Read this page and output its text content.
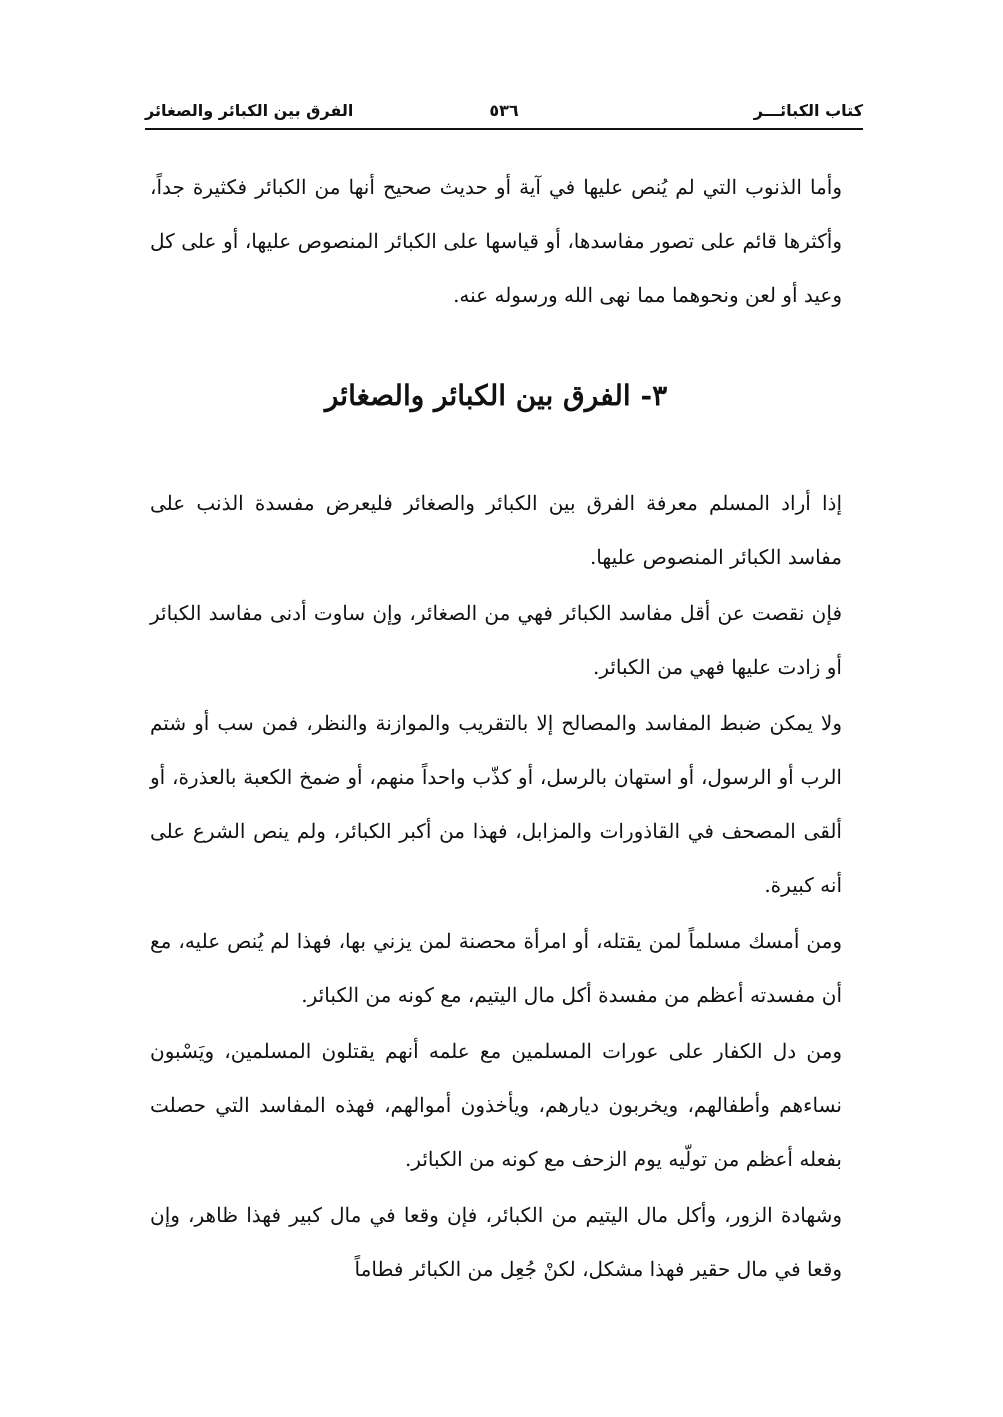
كتاب الكبائـــر
٥٣٦
الفرق بين الكبائر والصغائر

وأما الذنوب التي لم يُنص عليها في آية أو حديث صحيح أنها من الكبائر فكثيرة جداً، وأكثرها قائم على تصور مفاسدها، أو قياسها على الكبائر المنصوص عليها، أو على كل وعيد أو لعن ونحوهما مما نهى الله ورسوله عنه.

٣- الفرق بين الكبائر والصغائر

إذا أراد المسلم معرفة الفرق بين الكبائر والصغائر فليعرض مفسدة الذنب على مفاسد الكبائر المنصوص عليها.

فإن نقصت عن أقل مفاسد الكبائر فهي من الصغائر، وإن ساوت أدنى مفاسد الكبائر أو زادت عليها فهي من الكبائر.

ولا يمكن ضبط المفاسد والمصالح إلا بالتقريب والموازنة والنظر، فمن سب أو شتم الرب أو الرسول، أو استهان بالرسل، أو كذّب واحداً منهم، أو ضمخ الكعبة بالعذرة، أو ألقى المصحف في القاذورات والمزابل، فهذا من أكبر الكبائر، ولم ينص الشرع على أنه كبيرة.

ومن أمسك مسلماً لمن يقتله، أو امرأة محصنة لمن يزني بها، فهذا لم يُنص عليه، مع أن مفسدته أعظم من مفسدة أكل مال اليتيم، مع كونه من الكبائر.

ومن دل الكفار على عورات المسلمين مع علمه أنهم يقتلون المسلمين، ويَسْبون نساءهم وأطفالهم، ويخربون ديارهم، ويأخذون أموالهم، فهذه المفاسد التي حصلت بفعله أعظم من تولّيه يوم الزحف مع كونه من الكبائر.

وشهادة الزور، وأكل مال اليتيم من الكبائر، فإن وقعا في مال كبير فهذا ظاهر، وإن وقعا في مال حقير فهذا مشكل، لكنْ جُعِل من الكبائر فطاماً
